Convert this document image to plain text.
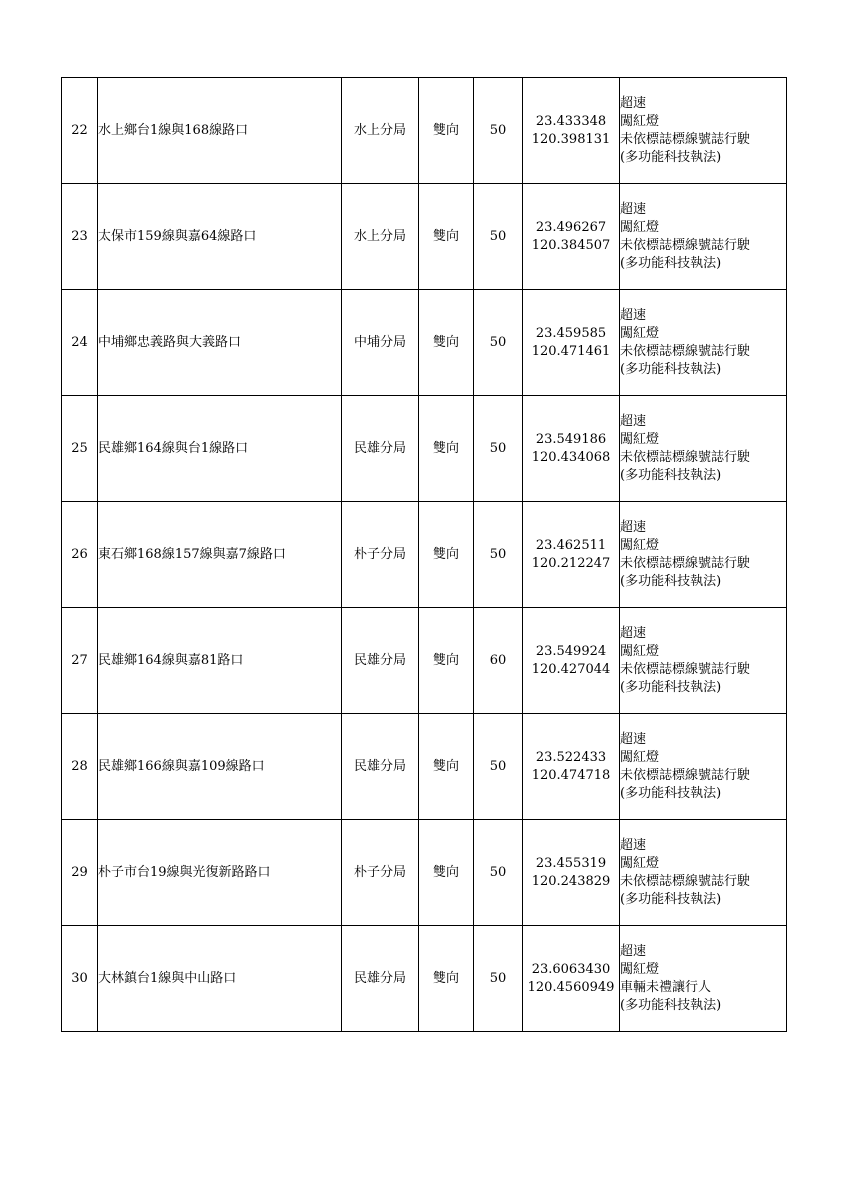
22	水上鄉台1線與168線路口	水上分局	雙向	50	23.433348
120.398131	超速
闖紅燈
未依標誌標線號誌行駛
(多功能科技執法)

23	太保市159線與嘉64線路口	水上分局	雙向	50	23.496267
120.384507	超速
闖紅燈
未依標誌標線號誌行駛
(多功能科技執法)

24	中埔鄉忠義路與大義路口	中埔分局	雙向	50	23.459585
120.471461	超速
闖紅燈
未依標誌標線號誌行駛
(多功能科技執法)

25	民雄鄉164線與台1線路口	民雄分局	雙向	50	23.549186
120.434068	超速
闖紅燈
未依標誌標線號誌行駛
(多功能科技執法)

26	東石鄉168線157線與嘉7線路口	朴子分局	雙向	50	23.462511
120.212247	超速
闖紅燈
未依標誌標線號誌行駛
(多功能科技執法)

27	民雄鄉164線與嘉81路口	民雄分局	雙向	60	23.549924
120.427044	超速
闖紅燈
未依標誌標線號誌行駛
(多功能科技執法)

28	民雄鄉166線與嘉109線路口	民雄分局	雙向	50	23.522433
120.474718	超速
闖紅燈
未依標誌標線號誌行駛
(多功能科技執法)

29	朴子市台19線與光復新路路口	朴子分局	雙向	50	23.455319
120.243829	超速
闖紅燈
未依標誌標線號誌行駛
(多功能科技執法)

30	大林鎮台1線與中山路口	民雄分局	雙向	50	23.6063430
120.4560949	超速
闖紅燈
車輛未禮讓行人
(多功能科技執法)
